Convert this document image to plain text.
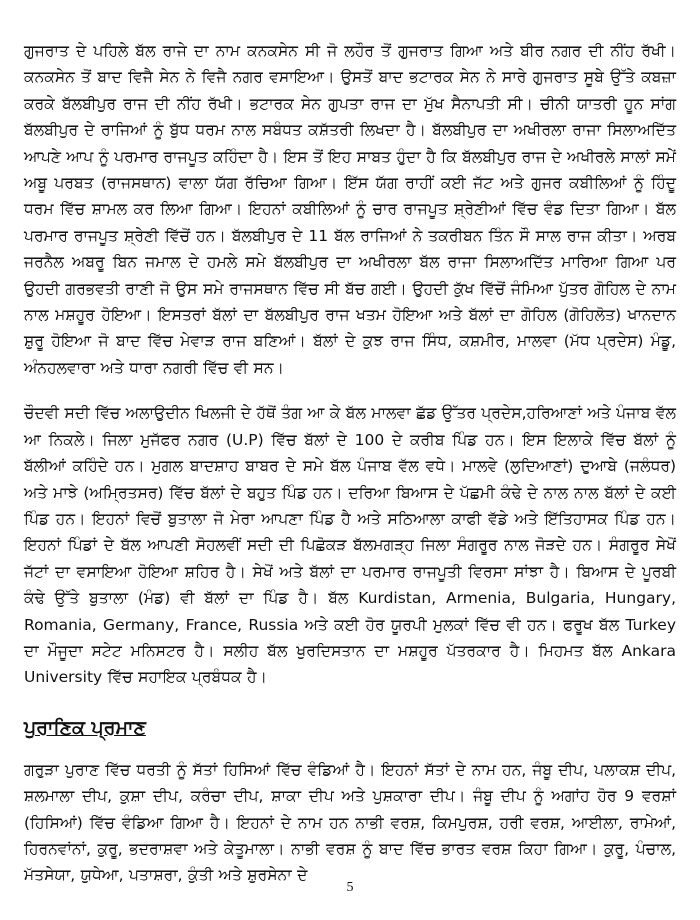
ਗੁਜਰਾਤ ਦੇ ਪਹਿਲੇ ਬੱਲ ਰਾਜੇ ਦਾ ਨਾਮ ਕਨਕਸੇਨ ਸੀ ਜੋ ਲਹੌਰ ਤੋਂ ਗੁਜਰਾਤ ਗਿਆ ਅਤੇ ਬੀਰ ਨਗਰ ਦੀ ਨੀਂਹ ਰੱਖੀ। ਕਨਕਸੇਨ ਤੋਂ ਬਾਦ ਵਿਜੈ ਸੇਨ ਨੇ ਵਿਜੈ ਨਗਰ ਵਸਾਇਆ। ਉਸਤੋਂ ਬਾਦ ਭਟਾਰਕ ਸੇਨ ਨੇ ਸਾਰੇ ਗੁਜਰਾਤ ਸੂਬੇ ਉੱਤੇ ਕਬਜ਼ਾ ਕਰਕੇ ਬੱਲਬੀਪੁਰ ਰਾਜ ਦੀ ਨੀਂਹ ਰੱਖੀ। ਭਟਾਰਕ ਸੇਨ ਗੁਪਤਾ ਰਾਜ ਦਾ ਮੁੱਖ ਸੈਨਾਪਤੀ ਸੀ। ਚੀਨੀ ਯਾਤਰੀ ਹੂਨ ਸਾਂਗ ਬੱਲਬੀਪੁਰ ਦੇ ਰਾਜਿਆਂ ਨੂੰ ਬੁੱਧ ਧਰਮ ਨਾਲ ਸਬੰਧਤ ਕਸ਼ੱਤਰੀ ਲਿਖਦਾ ਹੈ। ਬੱਲਬੀਪੁਰ ਦਾ ਅਖੀਰਲਾ ਰਾਜਾ ਸਿਲਾਅਦਿੱਤ ਆਪਣੇ ਆਪ ਨੂੰ ਪਰਮਾਰ ਰਾਜਪੂਤ ਕਹਿੰਦਾ ਹੈ। ਇਸ ਤੋਂ ਇਹ ਸਾਬਤ ਹੁੰਦਾ ਹੈ ਕਿ ਬੱਲਬੀਪੁਰ ਰਾਜ ਦੇ ਅਖੀਰਲੇ ਸਾਲਾਂ ਸਮੇਂ ਅਬੂ ਪਰਬਤ (ਰਾਜਸਥਾਨ) ਵਾਲਾ ਯੱਗ ਰੱਚਿਆ ਗਿਆ। ਇੱਸ ਯੱਗ ਰਾਹੀਂ ਕਈ ਜੱਟ ਅਤੇ ਗੁਜਰ ਕਬੀਲਿਆਂ ਨੂੰ ਹਿੰਦੂ ਧਰਮ ਵਿੱਚ ਸ਼ਾਮਲ ਕਰ ਲਿਆ ਗਿਆ। ਇਹਨਾਂ ਕਬੀਲਿਆਂ ਨੂੰ ਚਾਰ ਰਾਜਪੂਤ ਸ਼੍ਰੇਣੀਆਂ ਵਿੱਚ ਵੰਡ ਦਿਤਾ ਗਿਆ। ਬੱਲ ਪਰਮਾਰ ਰਾਜਪੂਤ ਸ਼੍ਰੇਣੀ ਵਿੱਚੋਂ ਹਨ। ਬੱਲਬੀਪੁਰ ਦੇ 11 ਬੱਲ ਰਾਜਿਆਂ ਨੇ ਤਕਰੀਬਨ ਤਿੰਨ ਸੌ ਸਾਲ ਰਾਜ ਕੀਤਾ। ਅਰਬ ਜਰਨੈਲ ਅਬਰੂ ਬਿਨ ਜਮਾਲ ਦੇ ਹਮਲੇ ਸਮੇ ਬੱਲਬੀਪੁਰ ਦਾ ਅਖੀਰਲਾ ਬੱਲ ਰਾਜਾ ਸਿਲਾਅਦਿੱਤ ਮਾਰਿਆ ਗਿਆ ਪਰ ਉਹਦੀ ਗਰਭਵਤੀ ਰਾਣੀ ਜੋ ਉਸ ਸਮੇ ਰਾਜਸਥਾਨ ਵਿੱਚ ਸੀ ਬੱਚ ਗਈ। ਉਹਦੀ ਕੁੱਖ ਵਿੱਚੋਂ ਜੰਮਿਆ ਪੁੱਤਰ ਗੋਹਿਲ ਦੇ ਨਾਮ ਨਾਲ ਮਸ਼ਹੂਰ ਹੋਇਆ। ਇਸਤਰਾਂ ਬੱਲਾਂ ਦਾ ਬੱਲਬੀਪੁਰ ਰਾਜ ਖਤਮ ਹੋਇਆ ਅਤੇ ਬੱਲਾਂ ਦਾ ਗੋਹਿਲ (ਗੋਹਿਲੋਤ) ਖਾਨਦਾਨ ਸ਼ੁਰੂ ਹੋਇਆ ਜੋ ਬਾਦ ਵਿੱਚ ਮੇਵਾੜ ਰਾਜ ਬਣਿਆਂ। ਬੱਲਾਂ ਦੇ ਕੁਝ ਰਾਜ ਸਿੰਧ, ਕਸ਼ਮੀਰ, ਮਾਲਵਾ (ਮੱਧ ਪ੍ਰਦੇਸ) ਮੰਡੂ, ਅੰਨਹਲਵਾਰਾ ਅਤੇ ਧਾਰਾ ਨਗਰੀ ਵਿੱਚ ਵੀ ਸਨ।

ਚੌਦਵੀ ਸਦੀ ਵਿੱਚ ਅਲਾਉਦੀਨ ਖਿਲਜੀ ਦੇ ਹੱਥੋਂ ਤੰਗ ਆ ਕੇ ਬੱਲ ਮਾਲਵਾ ਛੱਡ ਉੱਤਰ ਪ੍ਰਦੇਸ,ਹਰਿਆਣਾਂ ਅਤੇ ਪੰਜਾਬ ਵੱਲ ਆ ਨਿਕਲੇ। ਜਿਲਾ ਮੁਜੱਫਰ ਨਗਰ (U.P) ਵਿੱਚ ਬੱਲਾਂ ਦੇ 100 ਦੇ ਕਰੀਬ ਪਿੰਡ ਹਨ। ਇਸ ਇਲਾਕੇ ਵਿੱਚ ਬੱਲਾਂ ਨੂੰ ਬੱਲੀਆਂ ਕਹਿੰਦੇ ਹਨ। ਮੁਗਲ ਬਾਦਸ਼ਾਹ ਬਾਬਰ ਦੇ ਸਮੇ ਬੱਲ ਪੰਜਾਬ ਵੱਲ ਵਧੇ। ਮਾਲਵੇ (ਲੁਦਿਆਣਾਂ) ਦੁਆਬੇ (ਜਲੰਧਰ) ਅਤੇ ਮਾਝੇ (ਅਮ੍ਰਿਤਸਰ) ਵਿੱਚ ਬੱਲਾਂ ਦੇ ਬਹੁਤ ਪਿੰਡ ਹਨ। ਦਰਿਆ ਬਿਆਸ ਦੇ ਪੱਛਮੀ ਕੰਢੇ ਦੇ ਨਾਲ ਨਾਲ ਬੱਲਾਂ ਦੇ ਕਈ ਪਿੰਡ ਹਨ। ਇਹਨਾਂ ਵਿਚੋਂ ਬੁਤਾਲਾ ਜੋ ਮੇਰਾ ਆਪਣਾ ਪਿੰਡ ਹੈ ਅਤੇ ਸਠਿਆਲਾ ਕਾਫੀ ਵੱਡੇ ਅਤੇ ਇੱਤਿਹਾਸਕ ਪਿੰਡ ਹਨ। ਇਹਨਾਂ ਪਿੰਡਾਂ ਦੇ ਬੱਲ ਆਪਣੀ ਸੋਹਲਵੀਂ ਸਦੀ ਦੀ ਪਿਛੋਕੜ ਬੱਲਮਗੜ੍ਹ ਜਿਲਾ ਸੰਗਰੂਰ ਨਾਲ ਜੋੜਦੇ ਹਨ। ਸੰਗਰੂਰ ਸੇਖੋਂ ਜੱਟਾਂ ਦਾ ਵਸਾਇਆ ਹੋਇਆ ਸ਼ਹਿਰ ਹੈ। ਸੇਖੋਂ ਅਤੇ ਬੱਲਾਂ ਦਾ ਪਰਮਾਰ ਰਾਜਪੂਤੀ ਵਿਰਸਾ ਸਾਂਝਾ ਹੈ। ਬਿਆਸ ਦੇ ਪੂਰਬੀ ਕੰਢੇ ਉੱਤੇ ਬੁਤਾਲਾ (ਮੰਡ) ਵੀ ਬੱਲਾਂ ਦਾ ਪਿੰਡ ਹੈ। ਬੱਲ Kurdistan, Armenia, Bulgaria, Hungary, Romania, Germany, France, Russia ਅਤੇ ਕਈ ਹੋਰ ਯੂਰਪੀ ਮੁਲਕਾਂ ਵਿੱਚ ਵੀ ਹਨ। ਫਰੂਖ ਬੱਲ Turkey ਦਾ ਮੌਜੂਦਾ ਸਟੇਟ ਮਨਿਸਟਰ ਹੈ। ਸਲੀਹ ਬੱਲ ਖੁਰਦਿਸਤਾਨ ਦਾ ਮਸ਼ਹੂਰ ਪੱਤਰਕਾਰ ਹੈ। ਮਿਹਮਤ ਬੱਲ Ankara University ਵਿੱਚ ਸਹਾਇਕ ਪ੍ਰਬੰਧਕ ਹੈ।

ਪੁਰਾਣਿਕ ਪ੍ਰਮਾਣ

ਗਰੁੜਾ ਪੁਰਾਣ ਵਿੱਚ ਧਰਤੀ ਨੂੰ ਸੱਤਾਂ ਹਿਸਿਆਂ ਵਿੱਚ ਵੰਡਿਆਂ ਹੈ। ਇਹਨਾਂ ਸੱਤਾਂ ਦੇ ਨਾਮ ਹਨ, ਜੰਬੂ ਦੀਪ, ਪਲਾਕਸ਼ ਦੀਪ, ਸ਼ਲਮਾਲਾ ਦੀਪ, ਕੁਸ਼ਾ ਦੀਪ, ਕਰੰਚਾ ਦੀਪ, ਸ਼ਾਕਾ ਦੀਪ ਅਤੇ ਪੁਸ਼ਕਾਰਾ ਦੀਪ। ਜੰਬੂ ਦੀਪ ਨੂੰ ਅਗਾਂਹ ਹੋਰ 9 ਵਰਸ਼ਾਂ (ਹਿਸਿਆਂ) ਵਿੱਚ ਵੰਡਿਆ ਗਿਆ ਹੈ। ਇਹਨਾਂ ਦੇ ਨਾਮ ਹਨ ਨਾਭੀ ਵਰਸ਼, ਕਿਮਪੁਰਸ਼, ਹਰੀ ਵਰਸ਼, ਆਈਲਾ, ਰਾਮੇਆਂ, ਹਿਰਨਵਾਂਨਾਂ, ਕੁਰੂ, ਭਦਰਾਸ਼ਵਾ ਅਤੇ ਕੇਤੂਮਾਲਾ। ਨਾਭੀ ਵਰਸ਼ ਨੂੰ ਬਾਦ ਵਿੱਚ ਭਾਰਤ ਵਰਸ਼ ਕਿਹਾ ਗਿਆ। ਕੁਰੂ, ਪੰਚਾਲ, ਮੱਤਸੇਯਾ, ਯੁਧੇਆ, ਪਤਾਸ਼ਰਾ, ਕੁੰਤੀ ਅਤੇ ਸ਼ੁਰਸੇਨਾ ਦੇ

5
